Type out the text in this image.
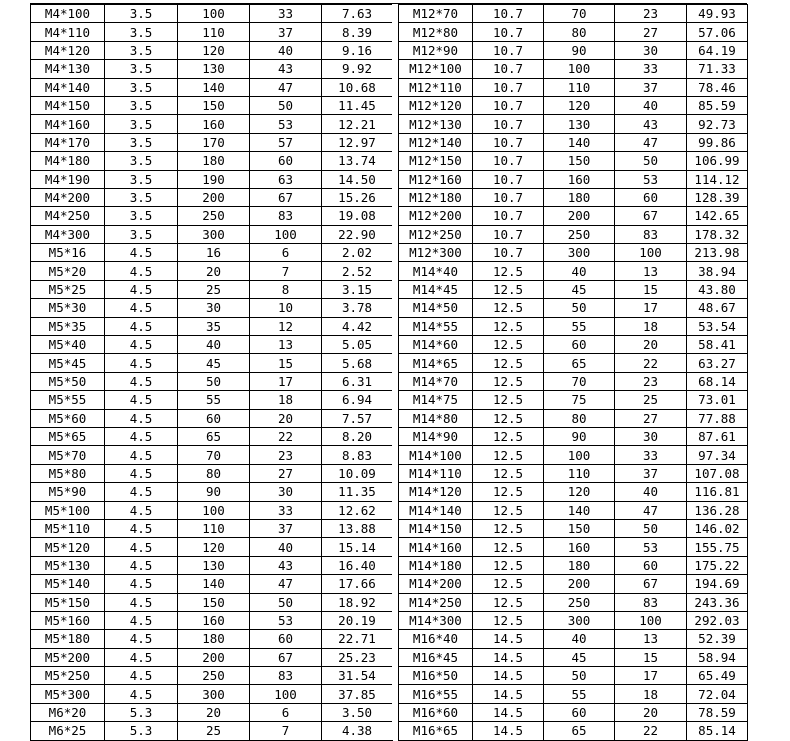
M4*100	3.5	100	33	7.63
M4*110	3.5	110	37	8.39
M4*120	3.5	120	40	9.16
M4*130	3.5	130	43	9.92
M4*140	3.5	140	47	10.68
M4*150	3.5	150	50	11.45
M4*160	3.5	160	53	12.21
M4*170	3.5	170	57	12.97
M4*180	3.5	180	60	13.74
M4*190	3.5	190	63	14.50
M4*200	3.5	200	67	15.26
M4*250	3.5	250	83	19.08
M4*300	3.5	300	100	22.90
M5*16	4.5	16	6	2.02
M5*20	4.5	20	7	2.52
M5*25	4.5	25	8	3.15
M5*30	4.5	30	10	3.78
M5*35	4.5	35	12	4.42
M5*40	4.5	40	13	5.05
M5*45	4.5	45	15	5.68
M5*50	4.5	50	17	6.31
M5*55	4.5	55	18	6.94
M5*60	4.5	60	20	7.57
M5*65	4.5	65	22	8.20
M5*70	4.5	70	23	8.83
M5*80	4.5	80	27	10.09
M5*90	4.5	90	30	11.35
M5*100	4.5	100	33	12.62
M5*110	4.5	110	37	13.88
M5*120	4.5	120	40	15.14
M5*130	4.5	130	43	16.40
M5*140	4.5	140	47	17.66
M5*150	4.5	150	50	18.92
M5*160	4.5	160	53	20.19
M5*180	4.5	180	60	22.71
M5*200	4.5	200	67	25.23
M5*250	4.5	250	83	31.54
M5*300	4.5	300	100	37.85
M6*20	5.3	20	6	3.50
M6*25	5.3	25	7	4.38
M12*70	10.7	70	23	49.93
M12*80	10.7	80	27	57.06
M12*90	10.7	90	30	64.19
M12*100	10.7	100	33	71.33
M12*110	10.7	110	37	78.46
M12*120	10.7	120	40	85.59
M12*130	10.7	130	43	92.73
M12*140	10.7	140	47	99.86
M12*150	10.7	150	50	106.99
M12*160	10.7	160	53	114.12
M12*180	10.7	180	60	128.39
M12*200	10.7	200	67	142.65
M12*250	10.7	250	83	178.32
M12*300	10.7	300	100	213.98
M14*40	12.5	40	13	38.94
M14*45	12.5	45	15	43.80
M14*50	12.5	50	17	48.67
M14*55	12.5	55	18	53.54
M14*60	12.5	60	20	58.41
M14*65	12.5	65	22	63.27
M14*70	12.5	70	23	68.14
M14*75	12.5	75	25	73.01
M14*80	12.5	80	27	77.88
M14*90	12.5	90	30	87.61
M14*100	12.5	100	33	97.34
M14*110	12.5	110	37	107.08
M14*120	12.5	120	40	116.81
M14*140	12.5	140	47	136.28
M14*150	12.5	150	50	146.02
M14*160	12.5	160	53	155.75
M14*180	12.5	180	60	175.22
M14*200	12.5	200	67	194.69
M14*250	12.5	250	83	243.36
M14*300	12.5	300	100	292.03
M16*40	14.5	40	13	52.39
M16*45	14.5	45	15	58.94
M16*50	14.5	50	17	65.49
M16*55	14.5	55	18	72.04
M16*60	14.5	60	20	78.59
M16*65	14.5	65	22	85.14
